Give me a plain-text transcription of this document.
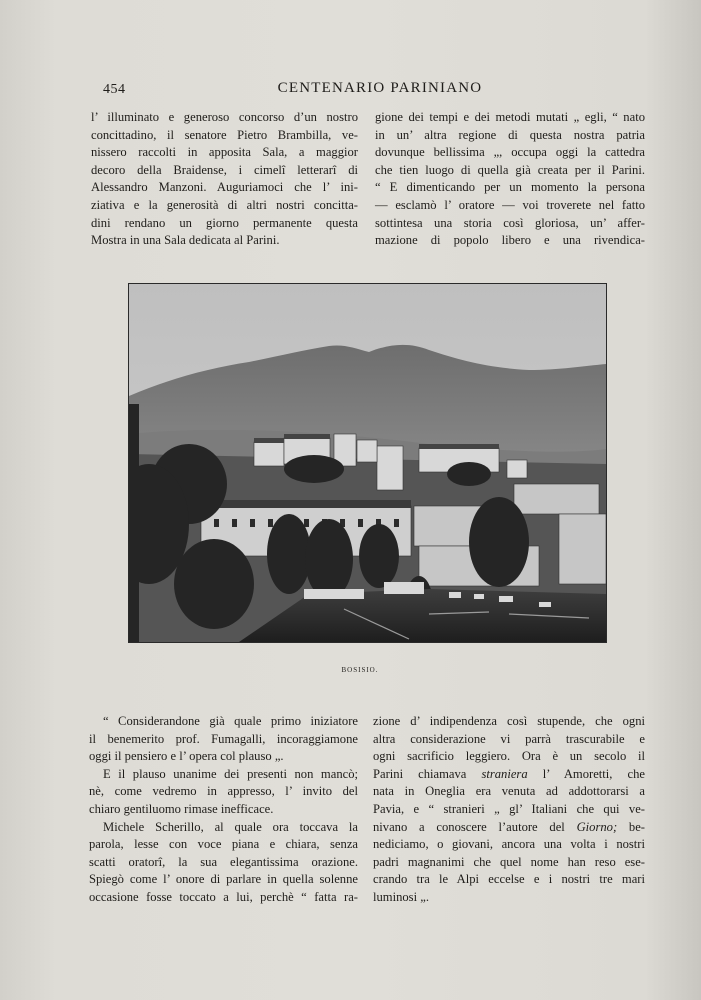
454	CENTENARIO PARINIANO
l’ illuminato e generoso concorso d’un nostro
concittadino, il senatore Pietro Brambilla, ve-
nissero raccolti in apposita Sala, a maggior
decoro della Braidense, i cimelî letterarî di
Alessandro Manzoni. Auguriamoci che l’ ini-
ziativa e la generosità di altri nostri concitta-
dini rendano un giorno permanente questa
Mostra in una Sala dedicata al Parini.
gione dei tempi e dei metodi mutati „ egli, “ nato
in un’ altra regione di questa nostra patria
dovunque bellissima „, occupa oggi la cattedra
che tien luogo di quella già creata per il Parini.
“ E dimenticando per un momento la persona
— esclamò l’ oratore — voi troverete nel fatto
sottintesa una storia così gloriosa, un’ affer-
mazione di popolo libero e una rivendica-
BOSISIO.
“ Considerandone già quale primo iniziatore
il benemerito prof. Fumagalli, incoraggiamone
oggi il pensiero e l’ opera col plauso „.
E il plauso unanime dei presenti non mancò;
nè, come vedremo in appresso, l’ invito del
chiaro gentiluomo rimase inefficace.
Michele Scherillo, al quale ora toccava la
parola, lesse con voce piana e chiara, senza
scatti oratorî, la sua elegantissima orazione.
Spiegò come l’ onore di parlare in quella solenne
occasione fosse toccato a lui, perchè “ fatta ra-
zione d’ indipendenza così stupende, che ogni
altra considerazione vi parrà trascurabile e
ogni sacrificio leggiero. Ora è un secolo il
Parini chiamava straniera l’ Amoretti, che
nata in Oneglia era venuta ad addottorarsi a
Pavia, e “ stranieri „ gl’ Italiani che qui ve-
nivano a conoscere l’autore del Giorno; be-
nediciamo, o giovani, ancora una volta i nostri
padri magnanimi che quel nome han reso ese-
crando tra le Alpi eccelse e i nostri tre mari
luminosi „.
